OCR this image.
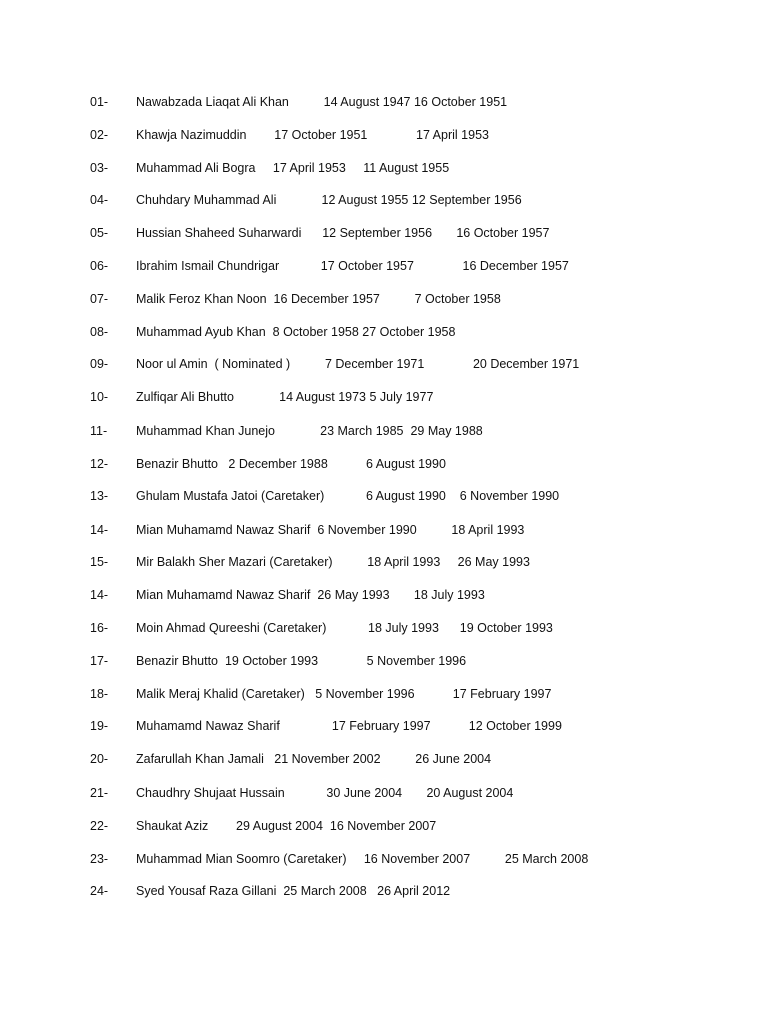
01- Nawabzada Liaqat Ali Khan          14 August 1947 16 October 1951
02- Khawja Nazimuddin        17 October 1951              17 April 1953
03- Muhammad Ali Bogra     17 April 1953     11 August 1955
04- Chuhdary Muhammad Ali             12 August 1955 12 September 1956
05- Hussian Shaheed Suharwardi      12 September 1956       16 October 1957
06- Ibrahim Ismail Chundrigar            17 October 1957              16 December 1957
07- Malik Feroz Khan Noon  16 December 1957          7 October 1958
08- Muhammad Ayub Khan  8 October 1958 27 October 1958
09- Noor ul Amin  ( Nominated )          7 December 1971              20 December 1971
10- Zulfiqar Ali Bhutto             14 August 1973 5 July 1977
11- Muhammad Khan Junejo             23 March 1985  29 May 1988
12- Benazir Bhutto   2 December 1988           6 August 1990
13- Ghulam Mustafa Jatoi (Caretaker)            6 August 1990    6 November 1990
14- Mian Muhamamd Nawaz Sharif  6 November 1990          18 April 1993
15- Mir Balakh Sher Mazari (Caretaker)          18 April 1993     26 May 1993
14- Mian Muhamamd Nawaz Sharif  26 May 1993       18 July 1993
16- Moin Ahmad Qureeshi (Caretaker)            18 July 1993      19 October 1993
17- Benazir Bhutto  19 October 1993              5 November 1996
18- Malik Meraj Khalid (Caretaker)   5 November 1996           17 February 1997
19- Muhamamd Nawaz Sharif               17 February 1997           12 October 1999
20- Zafarullah Khan Jamali   21 November 2002          26 June 2004
21- Chaudhry Shujaat Hussain            30 June 2004       20 August 2004
22- Shaukat Aziz        29 August 2004  16 November 2007
23- Muhammad Mian Soomro (Caretaker)     16 November 2007          25 March 2008
24- Syed Yousaf Raza Gillani  25 March 2008   26 April 2012
